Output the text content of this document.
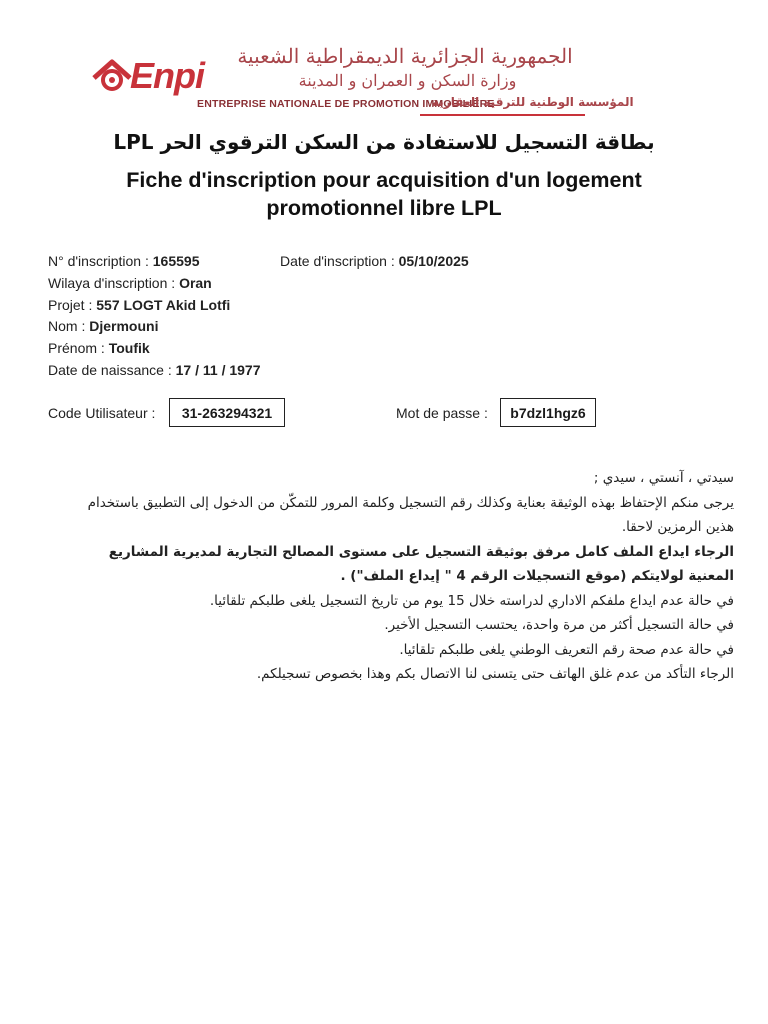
Enpi	الجمهورية الجزائرية الديمقراطية الشعبية
وزارة السكن و العمران و المدينة
ENTREPRISE NATIONALE DE PROMOTION IMMOBILIÈRE
المؤسسة الوطنية للترقية العقارية
بطاقة التسجيل للاستفادة من السكن الترقوي الحر LPL
Fiche d'inscription pour acquisition d'un logement promotionnel libre LPL
N° d'inscription : 165595	Date d'inscription : 05/10/2025
Wilaya d'inscription : Oran
Projet : 557 LOGT Akid Lotfi
Nom : Djermouni
Prénom : Toufik
Date de naissance : 17 / 11 / 1977
Code Utilisateur :	31-263294321	Mot de passe :	b7dzl1hgz6

سيدتي ، آنستي ، سيدي ;

يرجى منكم الإحتفاظ بهذه الوثيقة بعناية وكذلك رقم التسجيل وكلمة المرور للتمكّن من الدخول إلى التطبيق باستخدام هذين الرمزين لاحقا.

الرجاء ايداع الملف كامل مرفق بوثيقة التسجيل على مستوى المصالح التجارية لمديرية المشاريع المعنية لولايتكم (موقع التسجيلات الرقم 4 " إيداع الملف") .

في حالة عدم ايداع ملفكم الاداري لدراسته خلال 15 يوم من تاريخ التسجيل يلغى طلبكم تلقائيا.

في حالة التسجيل أكثر من مرة واحدة، يحتسب التسجيل الأخير.

في حالة عدم صحة رقم التعريف الوطني يلغى طلبكم تلقائيا.

الرجاء التأكد من عدم غلق الهاتف حتى يتسنى لنا الاتصال بكم وهذا بخصوص تسجيلكم.
